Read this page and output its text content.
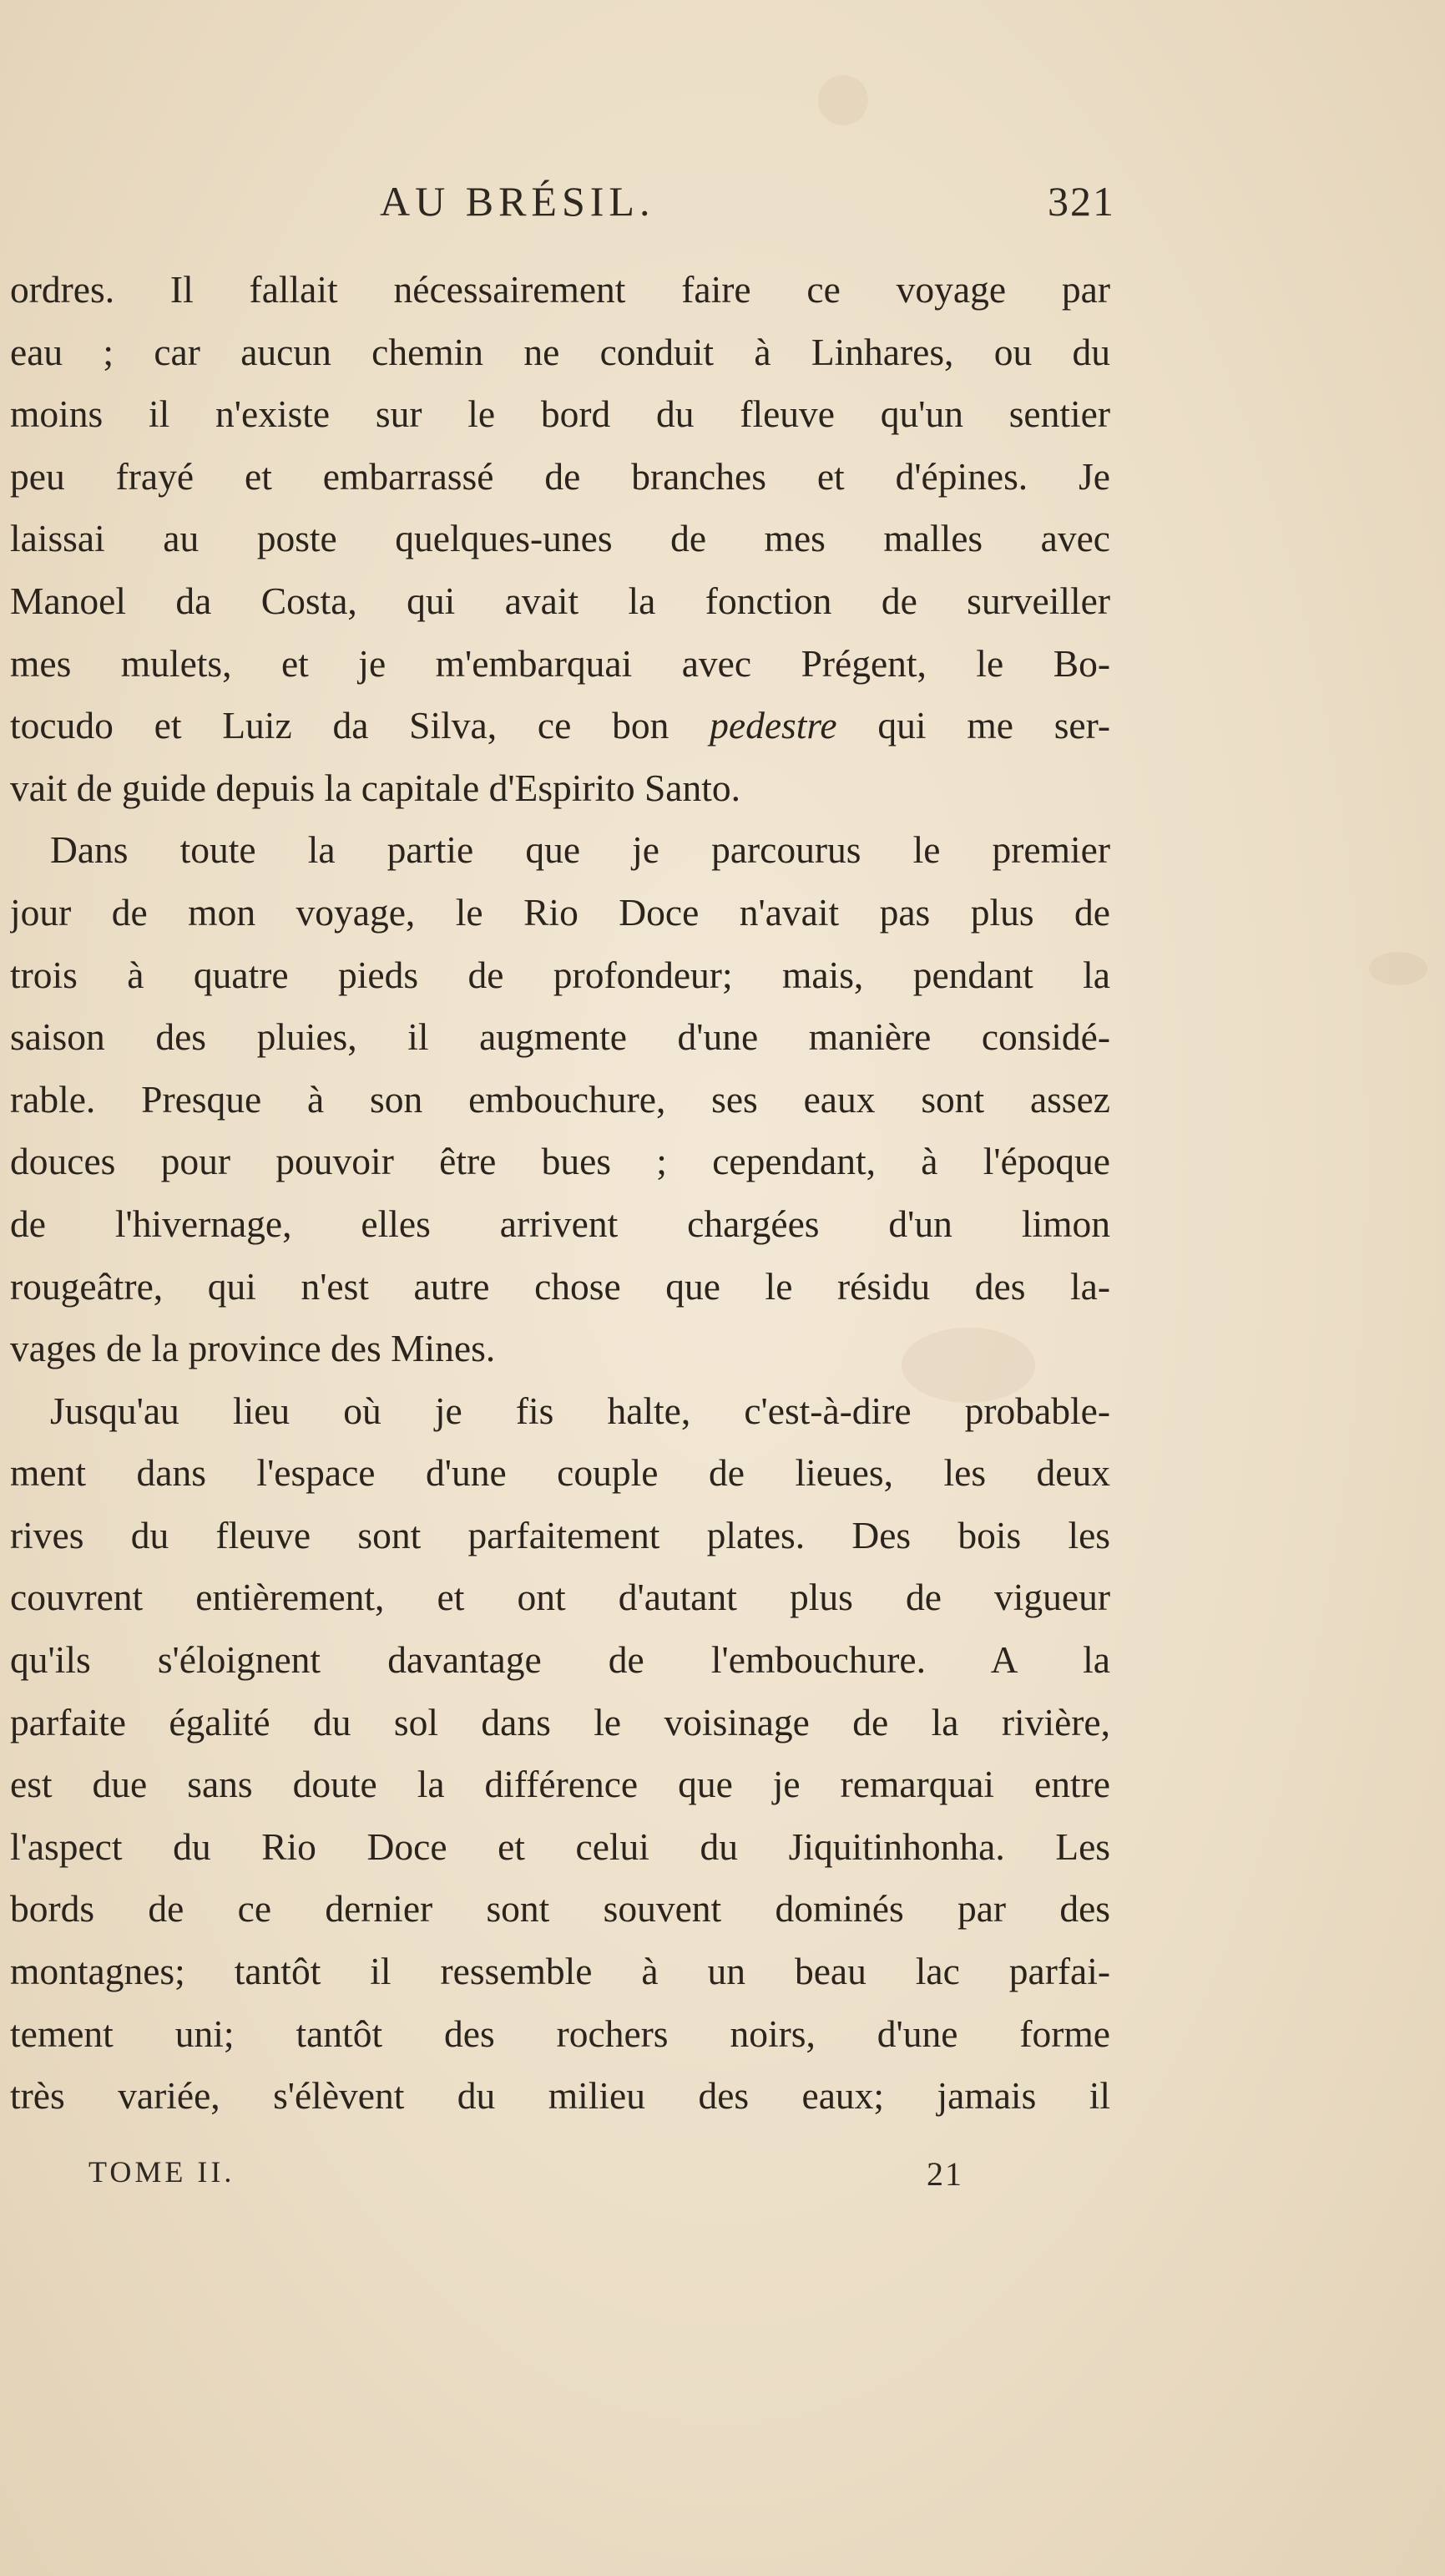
AU BRÉSIL.	321
ordres. Il fallait nécessairement faire ce voyage par
eau ; car aucun chemin ne conduit à Linhares, ou du
moins il n'existe sur le bord du fleuve qu'un sentier
peu frayé et embarrassé de branches et d'épines. Je
laissai au poste quelques-unes de mes malles avec
Manoel da Costa, qui avait la fonction de surveiller
mes mulets, et je m'embarquai avec Prégent, le Bo-
tocudo et Luiz da Silva, ce bon pedestre qui me ser-
vait de guide depuis la capitale d'Espirito Santo.
Dans toute la partie que je parcourus le premier
jour de mon voyage, le Rio Doce n'avait pas plus de
trois à quatre pieds de profondeur; mais, pendant la
saison des pluies, il augmente d'une manière considé-
rable. Presque à son embouchure, ses eaux sont assez
douces pour pouvoir être bues ; cependant, à l'époque
de l'hivernage, elles arrivent chargées d'un limon
rougeâtre, qui n'est autre chose que le résidu des la-
vages de la province des Mines.
Jusqu'au lieu où je fis halte, c'est-à-dire probable-
ment dans l'espace d'une couple de lieues, les deux
rives du fleuve sont parfaitement plates. Des bois les
couvrent entièrement, et ont d'autant plus de vigueur
qu'ils s'éloignent davantage de l'embouchure. A la
parfaite égalité du sol dans le voisinage de la rivière,
est due sans doute la différence que je remarquai entre
l'aspect du Rio Doce et celui du Jiquitinhonha. Les
bords de ce dernier sont souvent dominés par des
montagnes; tantôt il ressemble à un beau lac parfai-
tement uni; tantôt des rochers noirs, d'une forme
très variée, s'élèvent du milieu des eaux; jamais il
TOME II.	21
